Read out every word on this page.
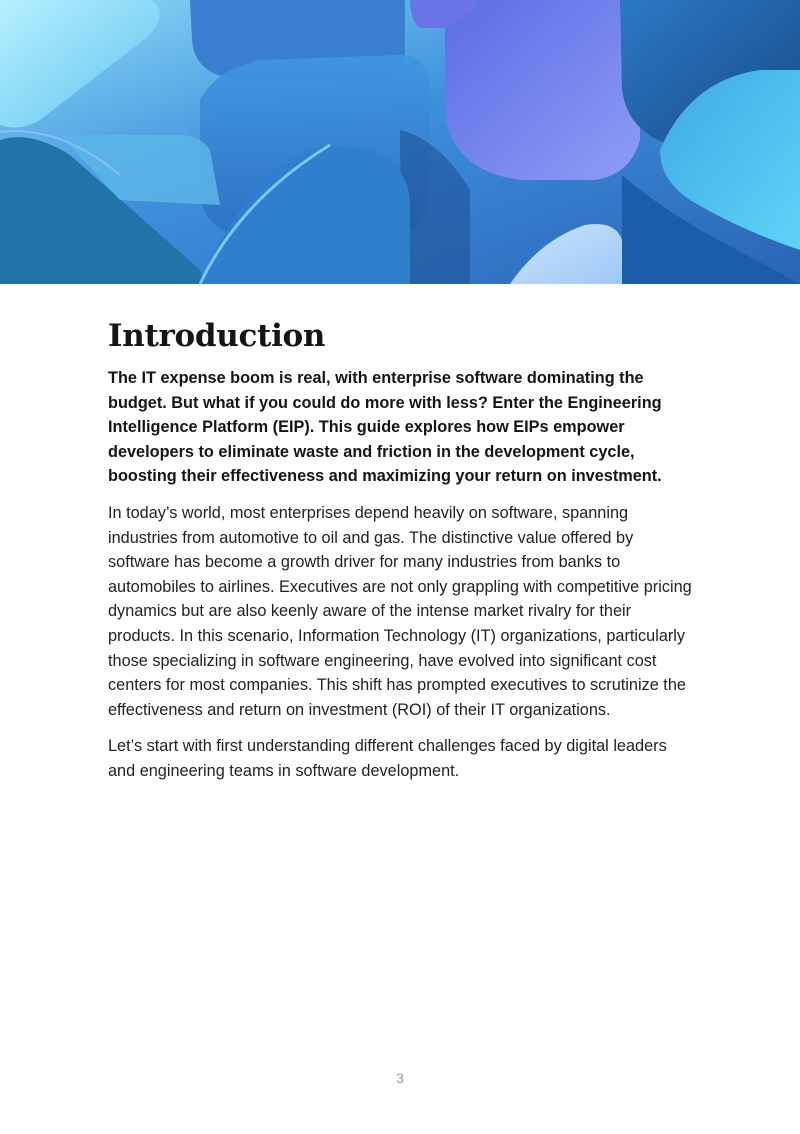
Introduction

The IT expense boom is real, with enterprise software dominating the budget. But what if you could do more with less? Enter the Engineering Intelligence Platform (EIP). This guide explores how EIPs empower developers to eliminate waste and friction in the development cycle, boosting their effectiveness and maximizing your return on investment.

In today’s world, most enterprises depend heavily on software, spanning industries from automotive to oil and gas. The distinctive value offered by software has become a growth driver for many industries from banks to automobiles to airlines. Executives are not only grappling with competitive pricing dynamics but are also keenly aware of the intense market rivalry for their products. In this scenario, Information Technology (IT) organizations, particularly those specializing in software engineering, have evolved into significant cost centers for most companies. This shift has prompted executives to scrutinize the effectiveness and return on investment (ROI) of their IT organizations.

Let’s start with first understanding different challenges faced by digital leaders and engineering teams in software development.

3
